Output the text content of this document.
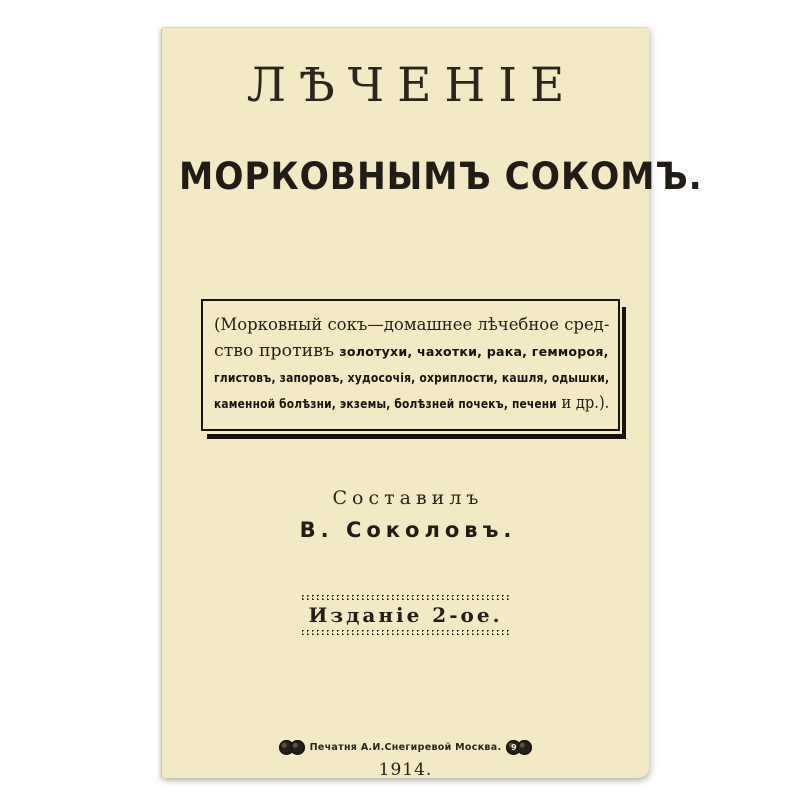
ЛѢЧЕНІЕ
МОРКОВНЫМЪ СОКОМЪ.
(Морковный сокъ—домашнее лѣчебное сред-
ство противъ золотухи, чахотки, рака, геммороя,
глистовъ, запоровъ, худосочія, охриплости, кашля, одышки,
каменной болѣзни, экземы, болѣзней почекъ, печени и др.).
Составилъ
В. Соколовъ.
Изданіе 2-ое.
Печатня А.И.Снегиревой Москва. 9
1914.
